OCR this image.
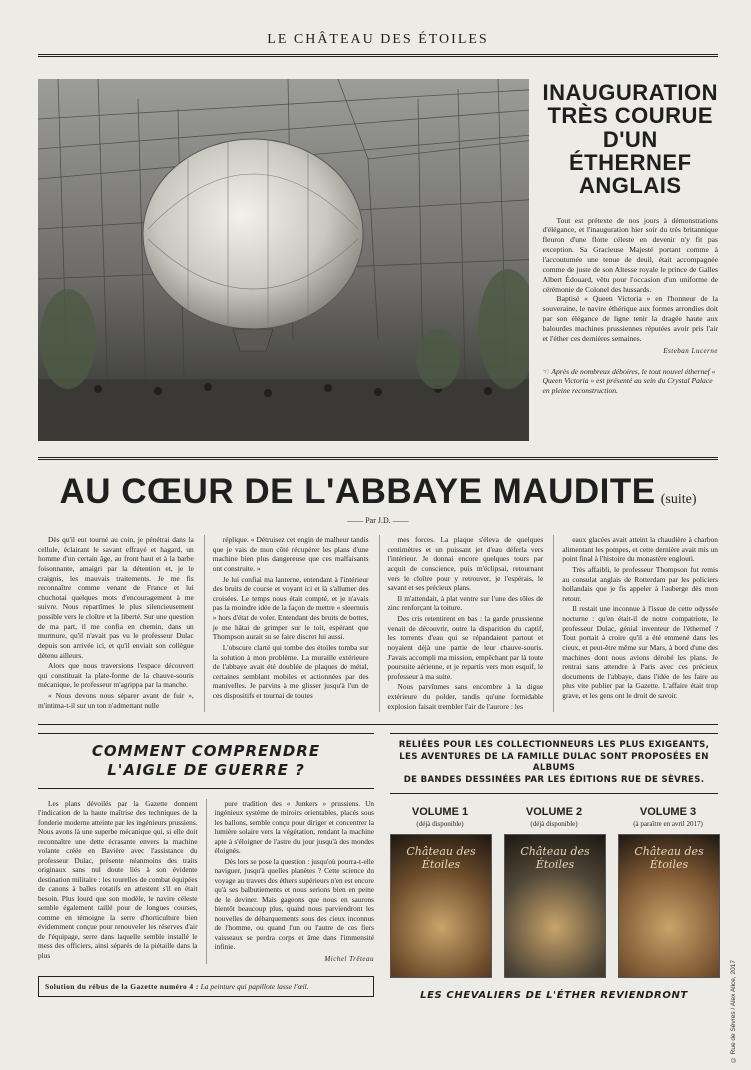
LE CHÂTEAU DES ÉTOILES
INAUGURATION
TRÈS COURUE
D'UN ÉTHERNEF
ANGLAIS

Tout est prétexte de nos jours à démonstrations d'élégance, et l'inauguration hier soir du très britannique fleuron d'une flotte céleste en devenir n'y fit pas exception. Sa Gracieuse Majesté portant comme à l'accoutumée une tenue de deuil, était accompagnée comme de juste de son Altesse royale le prince de Galles Albert Édouard, vêtu pour l'occasion d'un uniforme de cérémonie de Colonel des hussards.

Baptisé « Queen Victoria » en l'honneur de la souveraine, le navire éthérique aux formes arrondies doit par son élégance de ligne tenir la dragée haute aux balourdes machines prussiennes réputées avoir pris l'air et l'éther ces dernières semaines.

Esteban Lucerne
☜ Après de nombreux déboires, le tout nouvel éthernef « Queen Victoria » est présenté au sein du Crystal Palace en pleine reconstruction.
AU CŒUR DE L'ABBAYE MAUDITE (suite)
—— Par J.D. ——

Dès qu'il eut tourné au coin, je pénétrai dans la cellule, éclairant le savant effrayé et hagard, un homme d'un certain âge, au front haut et à la barbe foisonnante, amaigri par la détention et, je le craignis, les mauvais traitements. Je me fis reconnaître comme venant de France et lui chuchotai quelques mots d'encouragement à me suivre. Nous repartîmes le plus silencieusement possible vers le cloître et la liberté. Sur une question de ma part, il me confia en chemin, dans un murmure, qu'il n'avait pas vu le professeur Dulac depuis son arrivée ici, et qu'il enviait son collègue détenu ailleurs.

Alors que nous traversions l'espace découvert qui constituait la plate-forme de la chauve-souris mécanique, le professeur m'agrippa par la manche.

« Nous devons nous séparer avant de fuir », m'intima-t-il sur un ton n'admettant nulle

réplique. « Détruisez cet engin de malheur tandis que je vais de mon côté récupérer les plans d'une machine bien plus dangereuse que ces malfaisants ont construite. »

Je lui confiai ma lanterne, entendant à l'intérieur des bruits de course et voyant ici et là s'allumer des croisées. Le temps nous était compté, et je n'avais pas la moindre idée de la façon de mettre « sleernuis » hors d'état de voler. Entendant des bruits de bottes, je me hâtai de grimper sur le toit, espérant que Thompson aurait su se faire discret lui aussi.

L'obscure clarté qui tombe des étoiles tomba sur la solution à mon problème. La muraille extérieure de l'abbaye avait été doublée de plaques de métal, certaines semblant mobiles et actionnées par des manivelles. Je parvins à me glisser jusqu'à l'un de ces dispositifs et tournai de toutes

mes forces. La plaque s'éleva de quelques centimètres et un puissant jet d'eau déferla vers l'intérieur. Je donnai encore quelques tours par acquit de conscience, puis m'éclipsai, retournant vers le cloître pour y retrouver, je l'espérais, le savant et ses précieux plans.

Il m'attendait, à plat ventre sur l'une des tôles de zinc renforçant la toiture.

Des cris retentirent en bas : la garde prussienne venait de découvrir, outre la disparition du captif, les torrents d'eau qui se répandaient partout et noyaient déjà une partie de leur chauve-souris. J'avais accompli ma mission, empêchant par là toute poursuite aérienne, et je repartis vers mon esquif, le professeur à ma suite.

Nous parvînmes sans encombre à la digue extérieure du polder, tandis qu'une formidable explosion faisait trembler l'air de l'aurore : les

eaux glacées avait atteint la chaudière à charbon alimentant les pompes, et cette dernière avait mis un point final à l'histoire du monastère englouti.

Très affaibli, le professeur Thompson fut remis au consulat anglais de Rotterdam par les policiers hollandais que je fis appeler à l'auberge dès mon retour.

Il restait une inconnue à l'issue de cette odyssée nocturne : qu'en était-il de notre compatriote, le professeur Dulac, génial inventeur de l'éthernef ? Tout portait à croire qu'il a été emmené dans les cieux, et peut-être même sur Mars, à bord d'une des machines dont nous avions dérobé les plans. Je rentrai sans attendre à Paris avec ces précieux documents de l'abbaye, dans l'idée de les faire au plus vite publier par la Gazette. L'affaire était trop grave, et les gens ont le droit de savoir.

COMMENT COMPRENDRE
L'AIGLE DE GUERRE ?

Les plans dévoilés par la Gazette donnent l'indication de la haute maîtrise des techniques de la fonderie moderne atteinte par les ingénieurs prussiens. Nous avons là une superbe mécanique qui, si elle doit reconnaître une dette écrasante envers la machine volante créée en Bavière avec l'assistance du professeur Dulac, présente néanmoins des traits originaux sans nul doute liés à son évidente destination militaire : les tourelles de combat équipées de canons à balles rotatifs en attestent s'il en était besoin. Plus lourd que son modèle, le navire céleste semble également taillé pour de longues courses, comme en témoigne la serre d'horticulture bien évidemment conçue pour renouveler les réserves d'air de l'équipage, serre dans laquelle semble installé le mess des officiers, ainsi séparés de la piétaille dans la plus

pure tradition des « Junkers » prussiens. Un ingénieux système de miroirs orientables, placés sous les ballons, semble conçu pour diriger et concentrer la lumière solaire vers la végétation, rendant la machine apte à s'éloigner de l'astre du jour jusqu'à des mondes éloignés.

Dès lors se pose la question : jusqu'où pourra-t-elle naviguer, jusqu'à quelles planètes ? Cette science du voyage au travers des éthers supérieurs n'en est encore qu'à ses balbutiements et nous serions bien en peine de le deviner. Mais gageons que nous en saurons bientôt beaucoup plus, quand nous parviendront les nouvelles de débarquements sous des cieux inconnus de l'homme, ou quand l'un ou l'autre de ces fiers vaisseaux se perdra corps et âme dans l'immensité infinie.

Michel Trêteau
Solution du rébus de la Gazette numéro 4 : La peinture qui papillote lasse l'œil.
RELIÉES POUR LES COLLECTIONNEURS LES PLUS EXIGEANTS,
LES AVENTURES DE LA FAMILLE DULAC SONT PROPOSÉES EN ALBUMS
DE BANDES DESSINÉES PAR LES ÉDITIONS RUE DE SÈVRES.
VOLUME 1
(déjà disponible)
Château des Étoiles
VOLUME 2
(déjà disponible)
Château des Étoiles
VOLUME 3
(à paraître en avril 2017)
Château des Étoiles
LES CHEVALIERS DE L'ÉTHER REVIENDRONT	© Rue de Sèvres / Alex Alice, 2017
